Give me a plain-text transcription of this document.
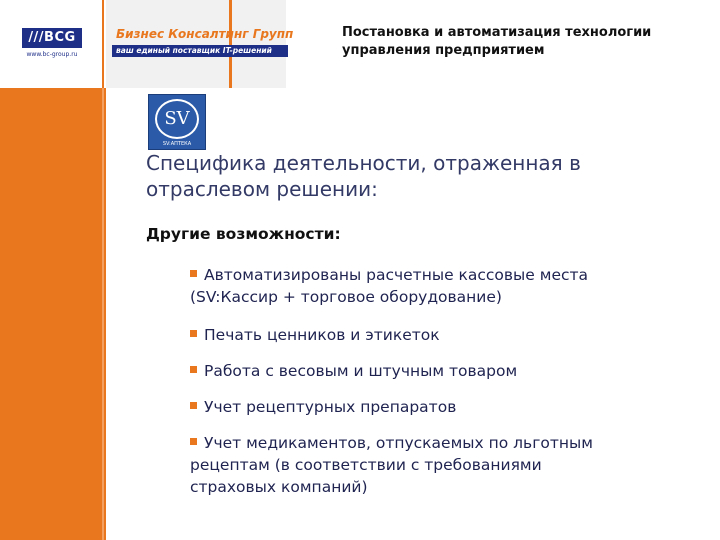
///BCG
www.bc-group.ru
Бизнес Консалтинг Групп
ваш единый поставщик IT-решений
Постановка и автоматизация технологии
управления предприятием
SV
SV:АПТЕКА
Специфика деятельности, отраженная в
отраслевом решении:
Другие возможности:
Автоматизированы расчетные кассовые места
(SV:Кассир + торговое оборудование)
Печать ценников и этикеток
Работа с весовым и штучным товаром
Учет рецептурных препаратов
Учет медикаментов, отпускаемых по льготным
рецептам (в соответствии с требованиями
страховых компаний)
